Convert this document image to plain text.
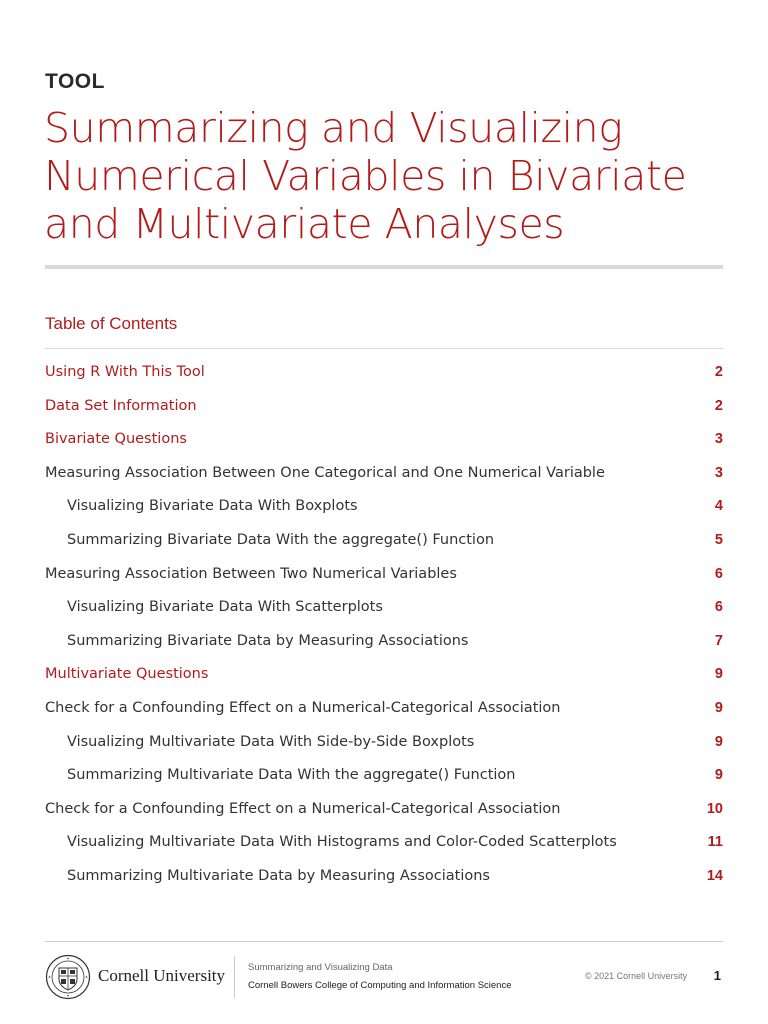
TOOL
Summarizing and Visualizing Numerical Variables in Bivariate and Multivariate Analyses
Table of Contents
Using R With This Tool	2
Data Set Information	2
Bivariate Questions	3
Measuring Association Between One Categorical and One Numerical Variable	3
Visualizing Bivariate Data With Boxplots	4
Summarizing Bivariate Data With the aggregate() Function	5
Measuring Association Between Two Numerical Variables	6
Visualizing Bivariate Data With Scatterplots	6
Summarizing Bivariate Data by Measuring Associations	7
Multivariate Questions	9
Check for a Confounding Effect on a Numerical-Categorical Association	9
Visualizing Multivariate Data With Side-by-Side Boxplots	9
Summarizing Multivariate Data With the aggregate() Function	9
Check for a Confounding Effect on a Numerical-Categorical Association	10
Visualizing Multivariate Data With Histograms and Color-Coded Scatterplots	11
Summarizing Multivariate Data by Measuring Associations	14
Cornell University Summarizing and Visualizing Data
Cornell Bowers College of Computing and Information Science
© 2021 Cornell University 1
